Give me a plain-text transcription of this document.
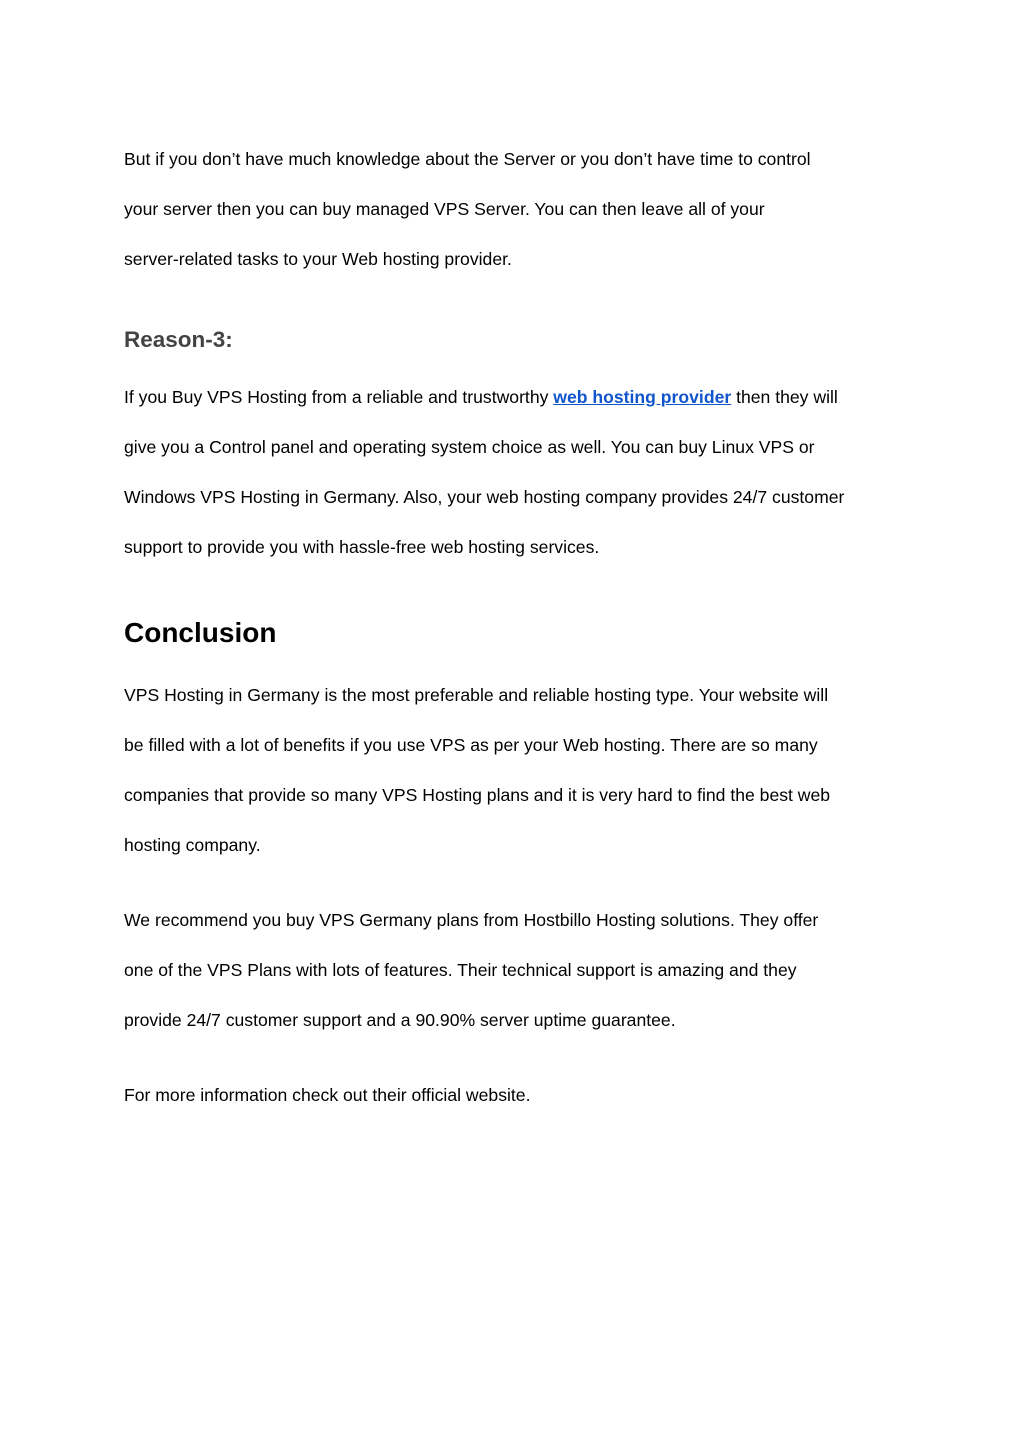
But if you don’t have much knowledge about the Server or you don’t have time to control

your server then you can buy managed VPS Server. You can then leave all of your

server-related tasks to your Web hosting provider.

Reason-3:

If you Buy VPS Hosting from a reliable and trustworthy web hosting provider then they will

give you a Control panel and operating system choice as well. You can buy Linux VPS or

Windows VPS Hosting in Germany. Also, your web hosting company provides 24/7 customer

support to provide you with hassle-free web hosting services.

Conclusion

VPS Hosting in Germany is the most preferable and reliable hosting type. Your website will

be filled with a lot of benefits if you use VPS as per your Web hosting. There are so many

companies that provide so many VPS Hosting plans and it is very hard to find the best web

hosting company.

We recommend you buy VPS Germany plans from Hostbillo Hosting solutions. They offer

one of the VPS Plans with lots of features. Their technical support is amazing and they

provide 24/7 customer support and a 90.90% server uptime guarantee.

For more information check out their official website.
